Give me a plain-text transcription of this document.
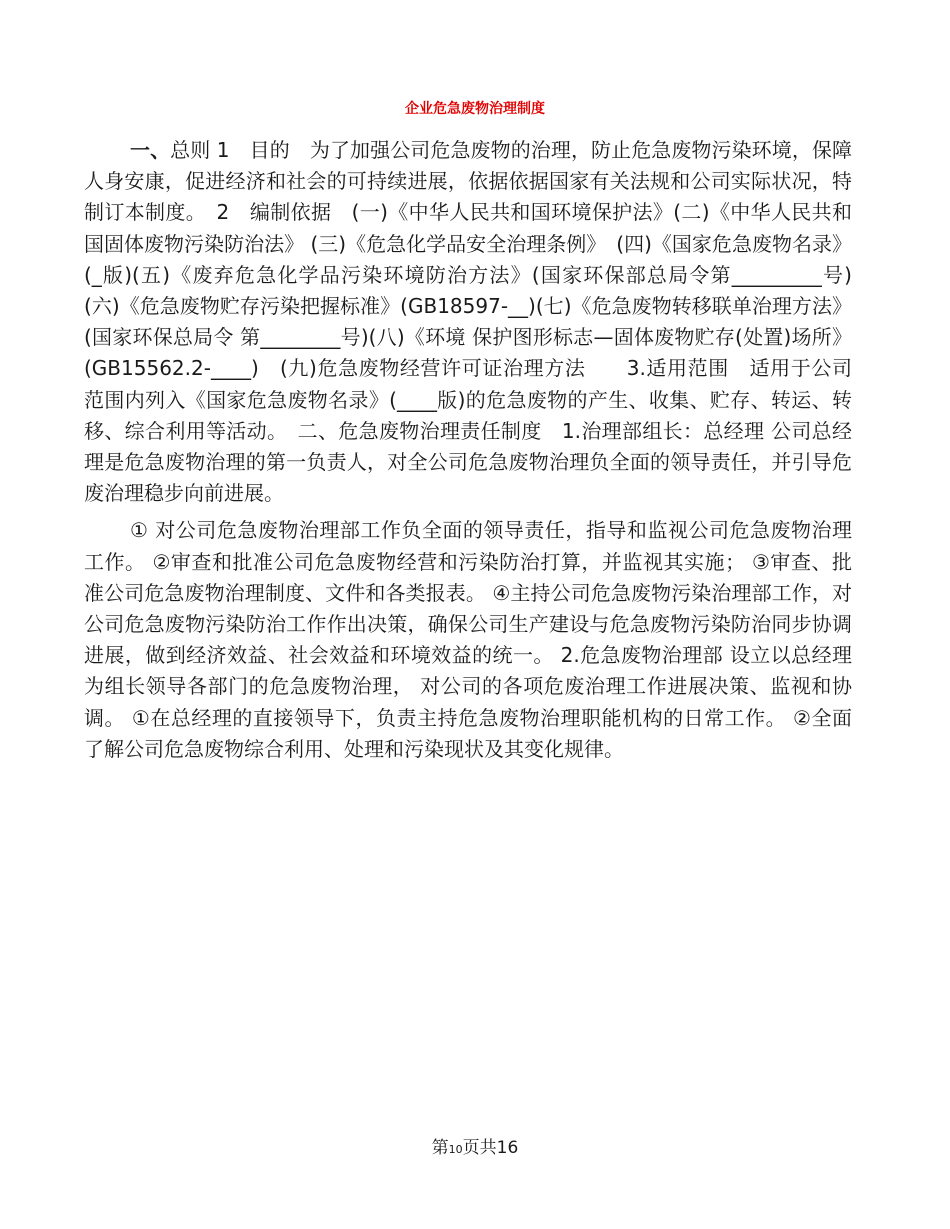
企业危急废物治理制度

一、总则 1　目的　为了加强公司危急废物的治理，防止危急废物污染环境，保障人身安康，促进经济和社会的可持续进展，依据依据国家有关法规和公司实际状况，特制订本制度。　2　编制依据　(一)《中华人民共和国环境保护法》(二)《中华人民共和国固体废物污染防治法》 (三)《危急化学品安全治理条例》　(四)《国家危急废物名录》(_版)(五)《废弃危急化学品污染环境防治方法》(国家环保部总局令第_________号) (六)《危急废物贮存污染把握标准》(GB18597-__)(七)《危急废物转移联单治理方法》(国家环保总局令 第________号)(八)《环境 保护图形标志—固体废物贮存(处置)场所》(GB15562.2-____)　(九)危急废物经营许可证治理方法　　3.适用范围　适用于公司范围内列入《国家危急废物名录》(____版)的危急废物的产生、收集、贮存、转运、转移、综合利用等活动。　二、危急废物治理责任制度　1.治理部组长：总经理 公司总经理是危急废物治理的第一负责人，对全公司危急废物治理负全面的领导责任，并引导危废治理稳步向前进展。

① 对公司危急废物治理部工作负全面的领导责任，指导和监视公司危急废物治理工作。 ②审查和批准公司危急废物经营和污染防治打算，并监视其实施； ③审查、批准公司危急废物治理制度、文件和各类报表。 ④主持公司危急废物污染治理部工作，对公司危急废物污染防治工作作出决策，确保公司生产建设与危急废物污染防治同步协调进展，做到经济效益、社会效益和环境效益的统一。 2.危急废物治理部 设立以总经理为组长领导各部门的危急废物治理， 对公司的各项危废治理工作进展决策、监视和协调。 ①在总经理的直接领导下，负责主持危急废物治理职能机构的日常工作。 ②全面了解公司危急废物综合利用、处理和污染现状及其变化规律。

第10页共16
